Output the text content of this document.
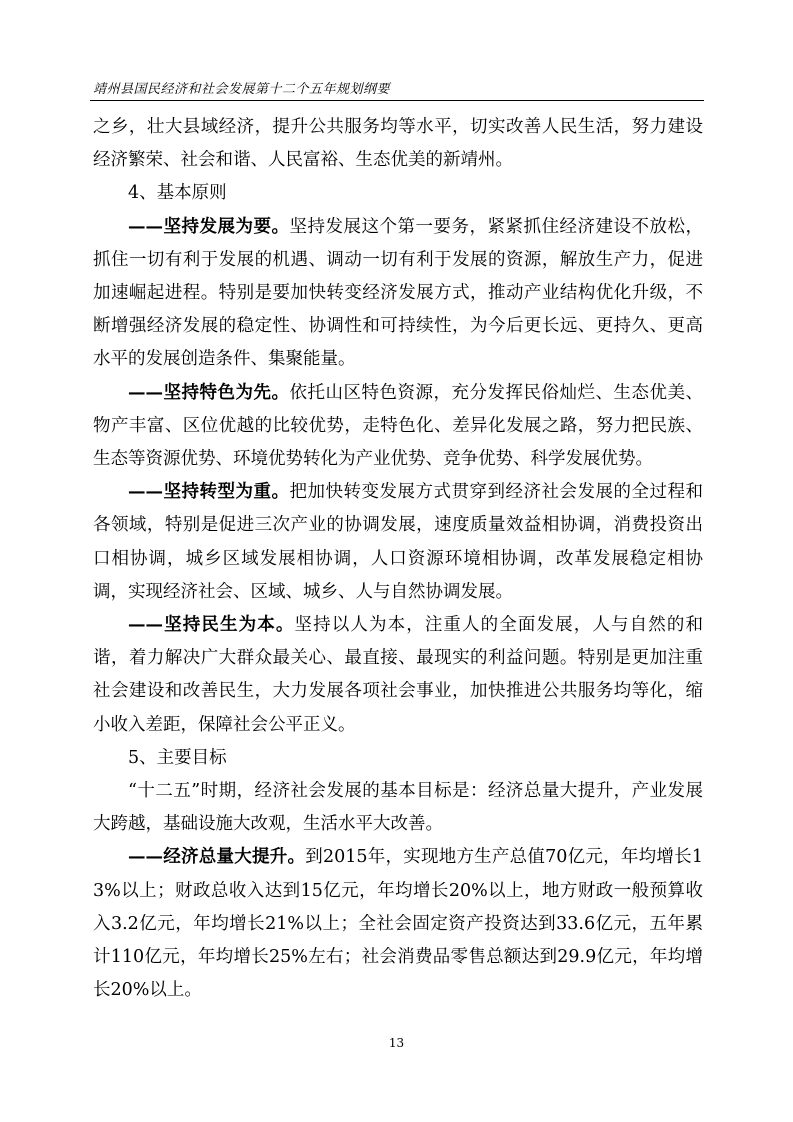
靖州县国民经济和社会发展第十二个五年规划纲要

之乡，壮大县域经济，提升公共服务均等水平，切实改善人民生活，努力建设经济繁荣、社会和谐、人民富裕、生态优美的新靖州。

4、基本原则

——坚持发展为要。坚持发展这个第一要务，紧紧抓住经济建设不放松，抓住一切有利于发展的机遇、调动一切有利于发展的资源，解放生产力，促进加速崛起进程。特别是要加快转变经济发展方式，推动产业结构优化升级，不断增强经济发展的稳定性、协调性和可持续性，为今后更长远、更持久、更高水平的发展创造条件、集聚能量。

——坚持特色为先。依托山区特色资源，充分发挥民俗灿烂、生态优美、物产丰富、区位优越的比较优势，走特色化、差异化发展之路，努力把民族、生态等资源优势、环境优势转化为产业优势、竞争优势、科学发展优势。

——坚持转型为重。把加快转变发展方式贯穿到经济社会发展的全过程和各领域，特别是促进三次产业的协调发展，速度质量效益相协调，消费投资出口相协调，城乡区域发展相协调，人口资源环境相协调，改革发展稳定相协调，实现经济社会、区域、城乡、人与自然协调发展。

——坚持民生为本。坚持以人为本，注重人的全面发展，人与自然的和谐，着力解决广大群众最关心、最直接、最现实的利益问题。特别是更加注重社会建设和改善民生，大力发展各项社会事业，加快推进公共服务均等化，缩小收入差距，保障社会公平正义。

5、主要目标

“十二五”时期，经济社会发展的基本目标是：经济总量大提升，产业发展大跨越，基础设施大改观，生活水平大改善。

——经济总量大提升。到2015年，实现地方生产总值70亿元，年均增长13%以上；财政总收入达到15亿元，年均增长20%以上，地方财政一般预算收入3.2亿元，年均增长21%以上；全社会固定资产投资达到33.6亿元，五年累计110亿元，年均增长25%左右；社会消费品零售总额达到29.9亿元，年均增长20%以上。

13
